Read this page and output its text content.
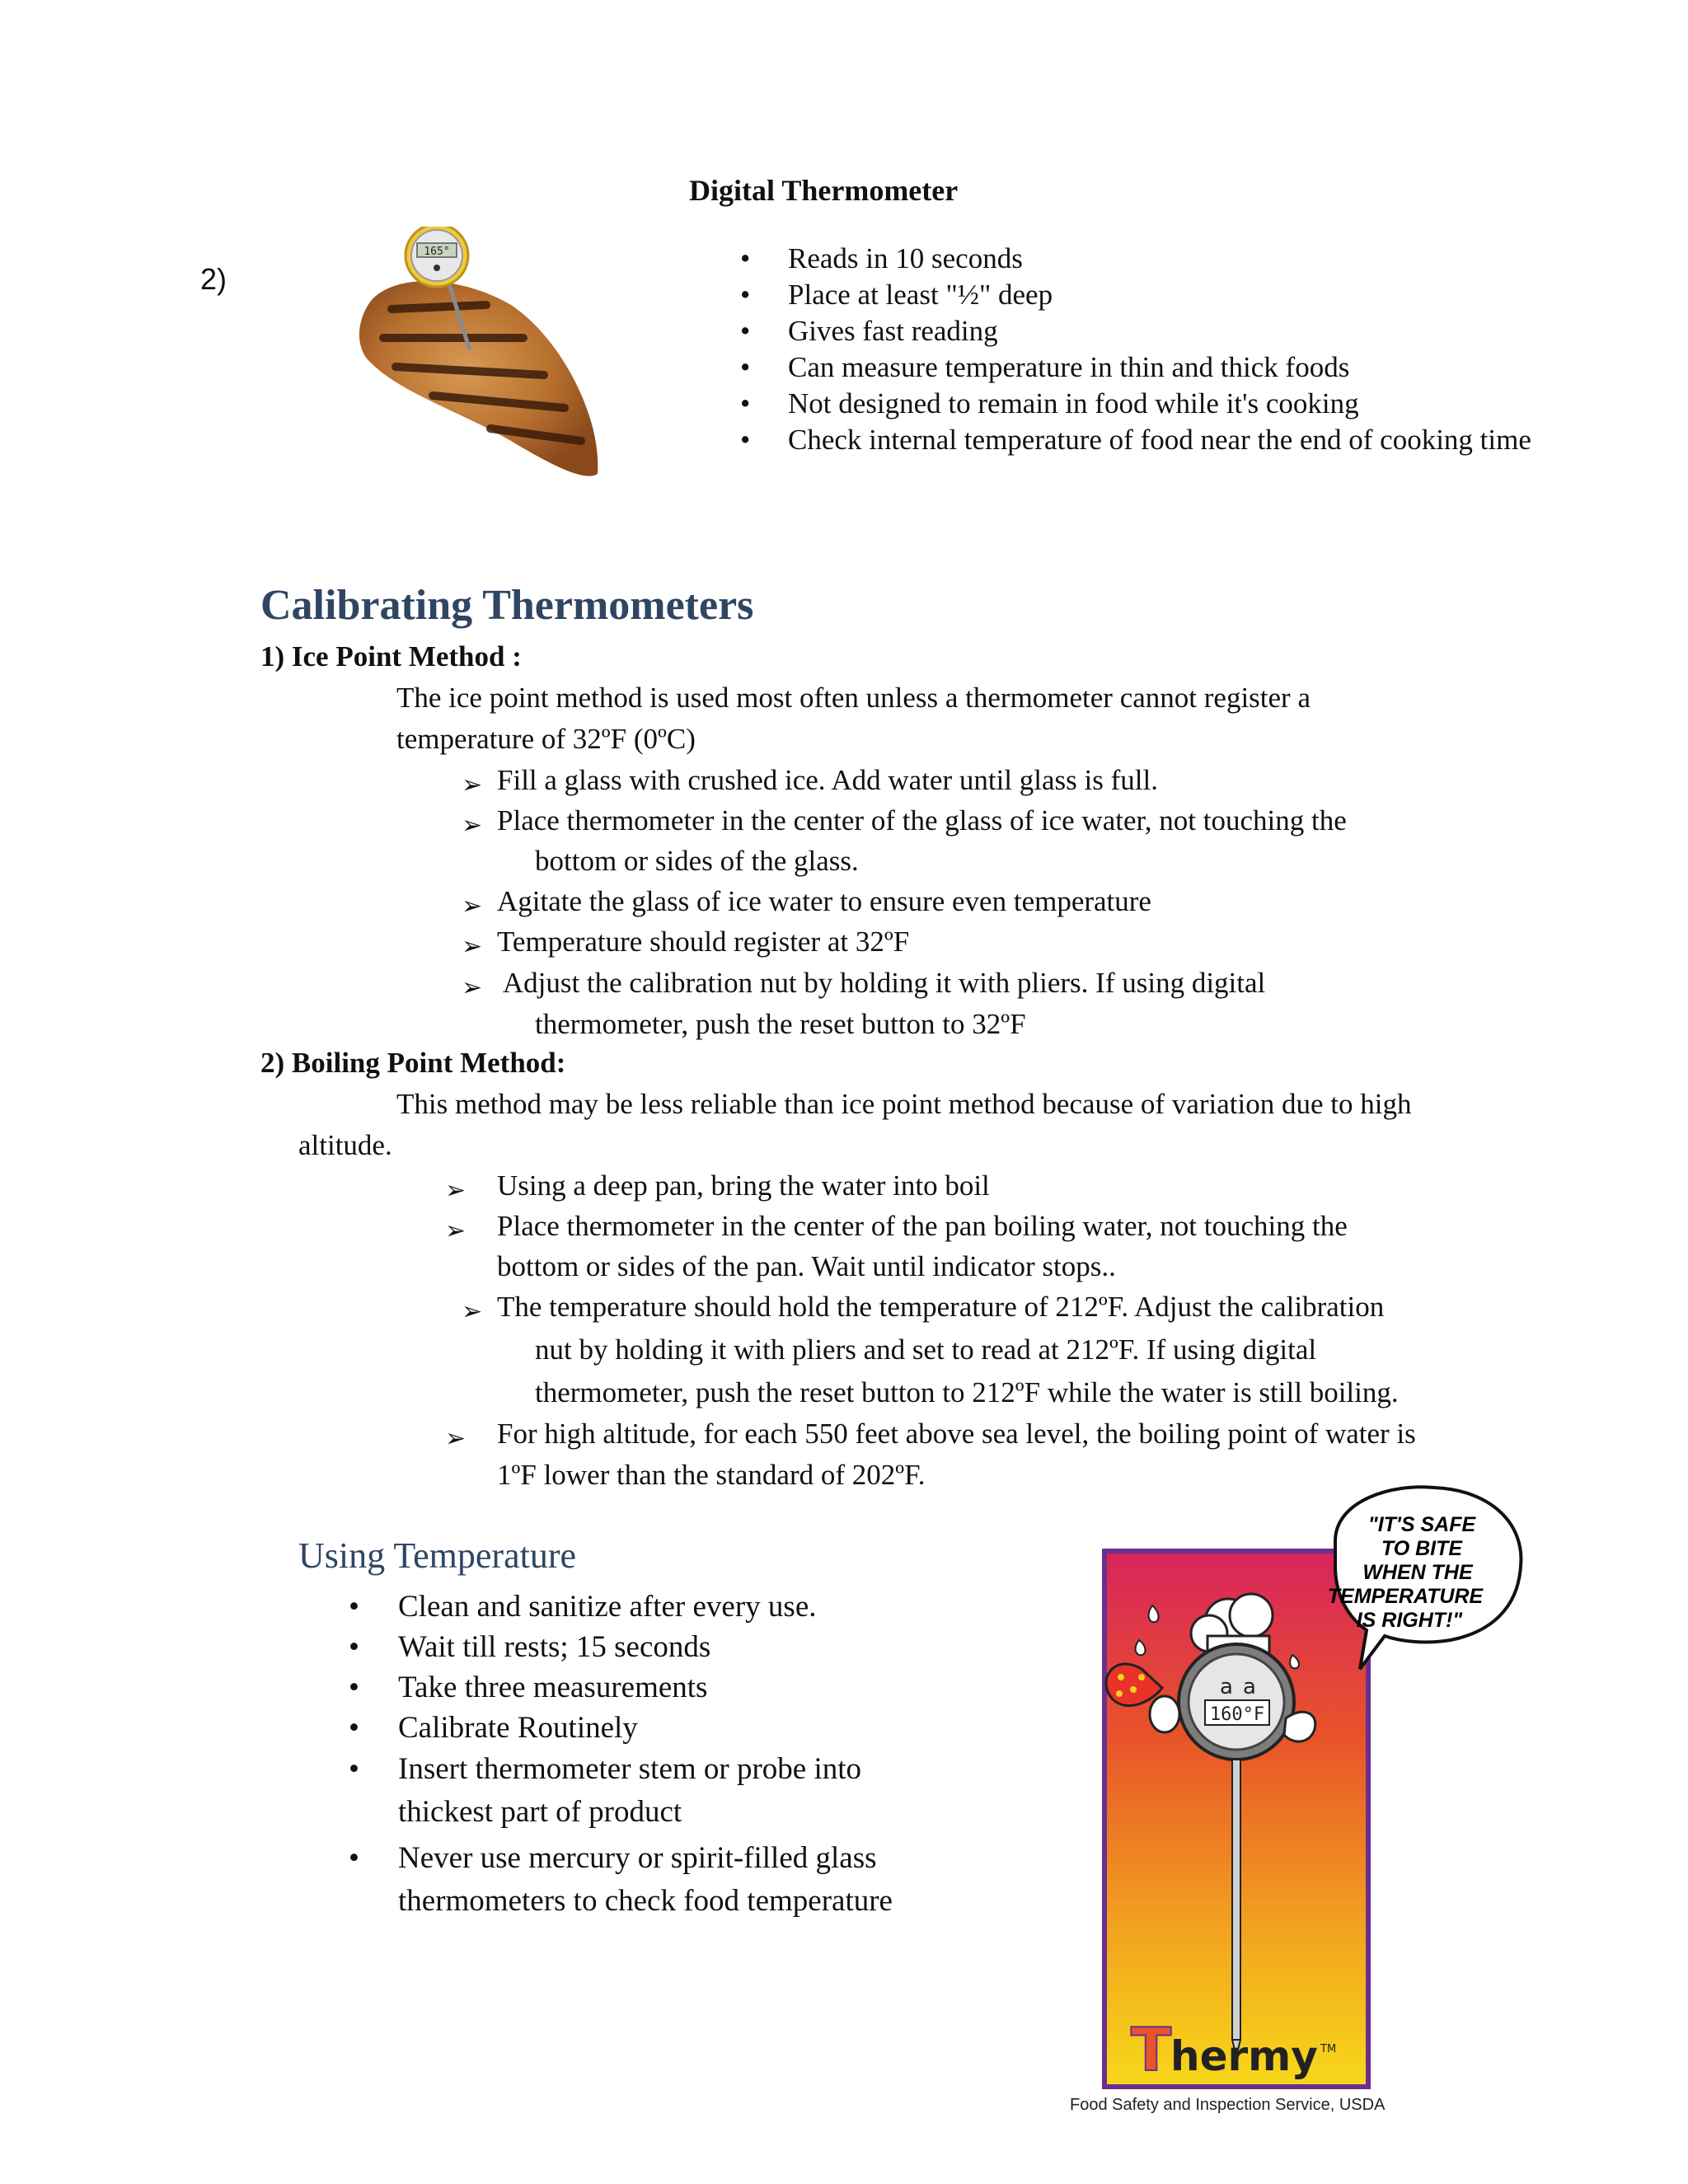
2)
Digital Thermometer
165°
•	Reads in 10 seconds
• Place at least "½" deep
• Gives fast reading
• Can measure temperature in thin and thick foods
• Not designed to remain in food while it's cooking
• Check internal temperature of food near the end of cooking time
Calibrating Thermometers
1) Ice Point Method :
The ice point method is used most often unless a thermometer cannot register a
temperature of 32ºF (0ºC)
➢ Fill a glass with crushed ice. Add water until glass is full.
➢ Place thermometer in the center of the glass of ice water, not touching the
bottom or sides of the glass.
➢ Agitate the glass of ice water to ensure even temperature
➢ Temperature should register at 32ºF
➢ Adjust the calibration nut by holding it with pliers. If using digital
thermometer, push the reset button to 32ºF
2) Boiling Point Method:
This method may be less reliable than ice point method because of variation due to high
altitude.
➢ Using a deep pan, bring the water into boil
➢ Place thermometer in the center of the pan boiling water, not touching the
bottom or sides of the pan. Wait until indicator stops..
➢ The temperature should hold the temperature of 212ºF. Adjust the calibration
nut by holding it with pliers and set to read at 212ºF. If using digital
thermometer, push the reset button to 212ºF while the water is still boiling.
➢ For high altitude, for each 550 feet above sea level, the boiling point of water is
1ºF lower than the standard of 202ºF.
Using Temperature
• Clean and sanitize after every use.
• Wait till rests; 15 seconds
• Take three measurements
• Calibrate Routinely
• Insert thermometer stem or probe into thickest part of product
• Never use mercury or spirit-filled glass thermometers to check food temperature
"IT'S SAFE
TO BITE
WHEN THE
TEMPERATURE
IS RIGHT!"
a a
160°F
T
hermy TM
Food Safety and Inspection Service, USDA
